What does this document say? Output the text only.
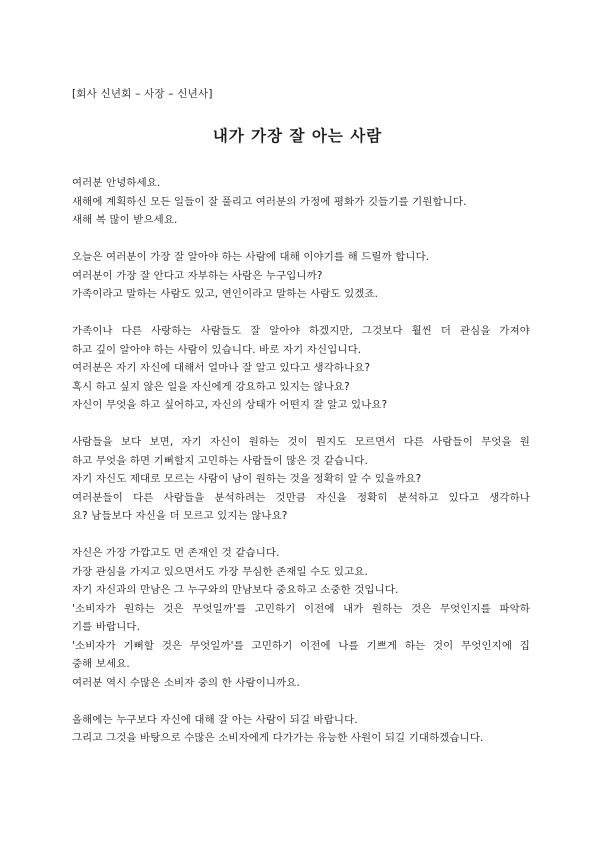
[회사 신년회 – 사장 – 신년사]
내가 가장 잘 아는 사람
여러분 안녕하세요.
새해에 계획하신 모든 일들이 잘 풀리고 여러분의 가정에 평화가 깃들기를 기원합니다.
새해 복 많이 받으세요.
오늘은 여러분이 가장 잘 알아야 하는 사람에 대해 이야기를 해 드릴까 합니다.
여러분이 가장 잘 안다고 자부하는 사람은 누구입니까?
가족이라고 말하는 사람도 있고, 연인이라고 말하는 사람도 있겠죠.
가족이나 다른 사랑하는 사람들도 잘 알아야 하겠지만, 그것보다 훨씬 더 관심을 가져야
하고 깊이 알아야 하는 사람이 있습니다. 바로 자기 자신입니다.
여러분은 자기 자신에 대해서 얼마나 잘 알고 있다고 생각하나요?
혹시 하고 싶지 않은 일을 자신에게 강요하고 있지는 않나요?
자신이 무엇을 하고 싶어하고, 자신의 상태가 어떤지 잘 알고 있나요?
사람들을 보다 보면, 자기 자신이 원하는 것이 뭔지도 모르면서 다른 사람들이 무엇을 원
하고 무엇을 하면 기뻐할지 고민하는 사람들이 많은 것 같습니다.
자기 자신도 제대로 모르는 사람이 남이 원하는 것을 정확히 알 수 있을까요?
여러분들이 다른 사람들을 분석하려는 것만큼 자신을 정확히 분석하고 있다고 생각하나
요? 남들보다 자신을 더 모르고 있지는 않나요?
자신은 가장 가깝고도 먼 존재인 것 같습니다.
가장 관심을 가지고 있으면서도 가장 무심한 존재일 수도 있고요.
자기 자신과의 만남은 그 누구와의 만남보다 중요하고 소중한 것입니다.
'소비자가 원하는 것은 무엇일까'를 고민하기 이전에 내가 원하는 것은 무엇인지를 파악하
기를 바랍니다.
'소비자가 기뻐할 것은 무엇일까'를 고민하기 이전에 나를 기쁘게 하는 것이 무엇인지에 집
중해 보세요.
여러분 역시 수많은 소비자 중의 한 사람이니까요.
올해에는 누구보다 자신에 대해 잘 아는 사람이 되길 바랍니다.
그리고 그것을 바탕으로 수많은 소비자에게 다가가는 유능한 사원이 되길 기대하겠습니다.
